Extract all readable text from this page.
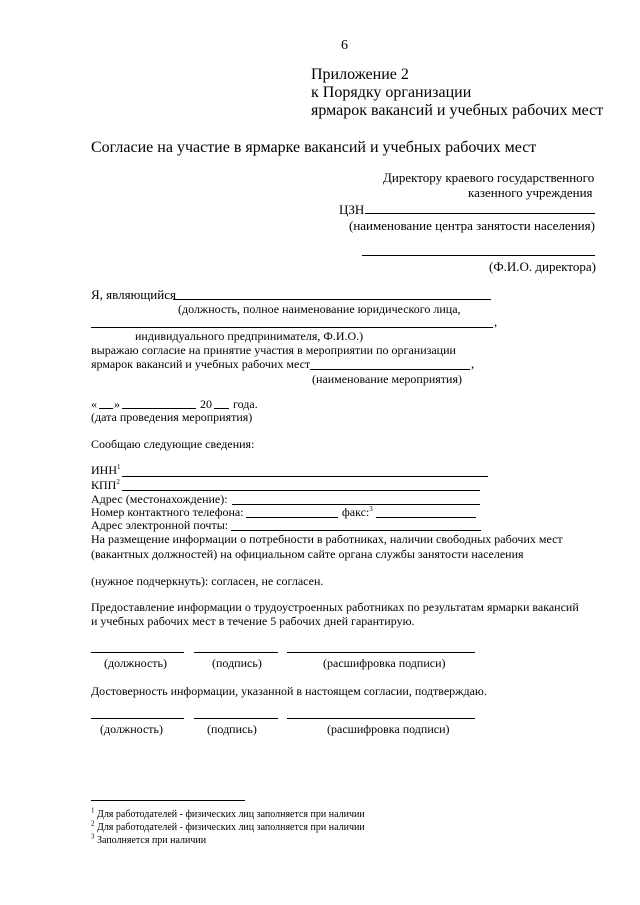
6
Приложение 2
к Порядку организации
ярмарок вакансий и учебных рабочих мест
Согласие на участие в ярмарке вакансий и учебных рабочих мест
Директору краевого государственного
казенного учреждения
ЦЗН
(наименование центра занятости населения)
(Ф.И.О. директора)
Я, являющийся
(должность, полное наименование юридического лица,
,
индивидуального предпринимателя, Ф.И.О.)
выражаю согласие на принятие участия в мероприятии по организации
ярмарок вакансий и учебных рабочих мест	,
(наименование мероприятия)
« »	20 года.
(дата проведения мероприятия)
Сообщаю следующие сведения:
ИНН$^1$
КПП$^2$
Адрес (местонахождение):
Номер контактного телефона:	факс:$^3$
Адрес электронной почты:
На размещение информации о потребности в работниках, наличии свободных рабочих мест
(вакантных должностей) на официальном сайте органа службы занятости населения
(нужное подчеркнуть): согласен, не согласен.
Предоставление информации о трудоустроенных работниках по результатам ярмарки вакансий
и учебных рабочих мест в течение 5 рабочих дней гарантирую.
(должность)	(подпись)	(расшифровка подписи)
Достоверность информации, указанной в настоящем согласии, подтверждаю.
(должность)	(подпись)	(расшифровка подписи)
$^1$ Для работодателей - физических лиц заполняется при наличии
$^2$ Для работодателей - физических лиц заполняется при наличии
$^3$ Заполняется при наличии
